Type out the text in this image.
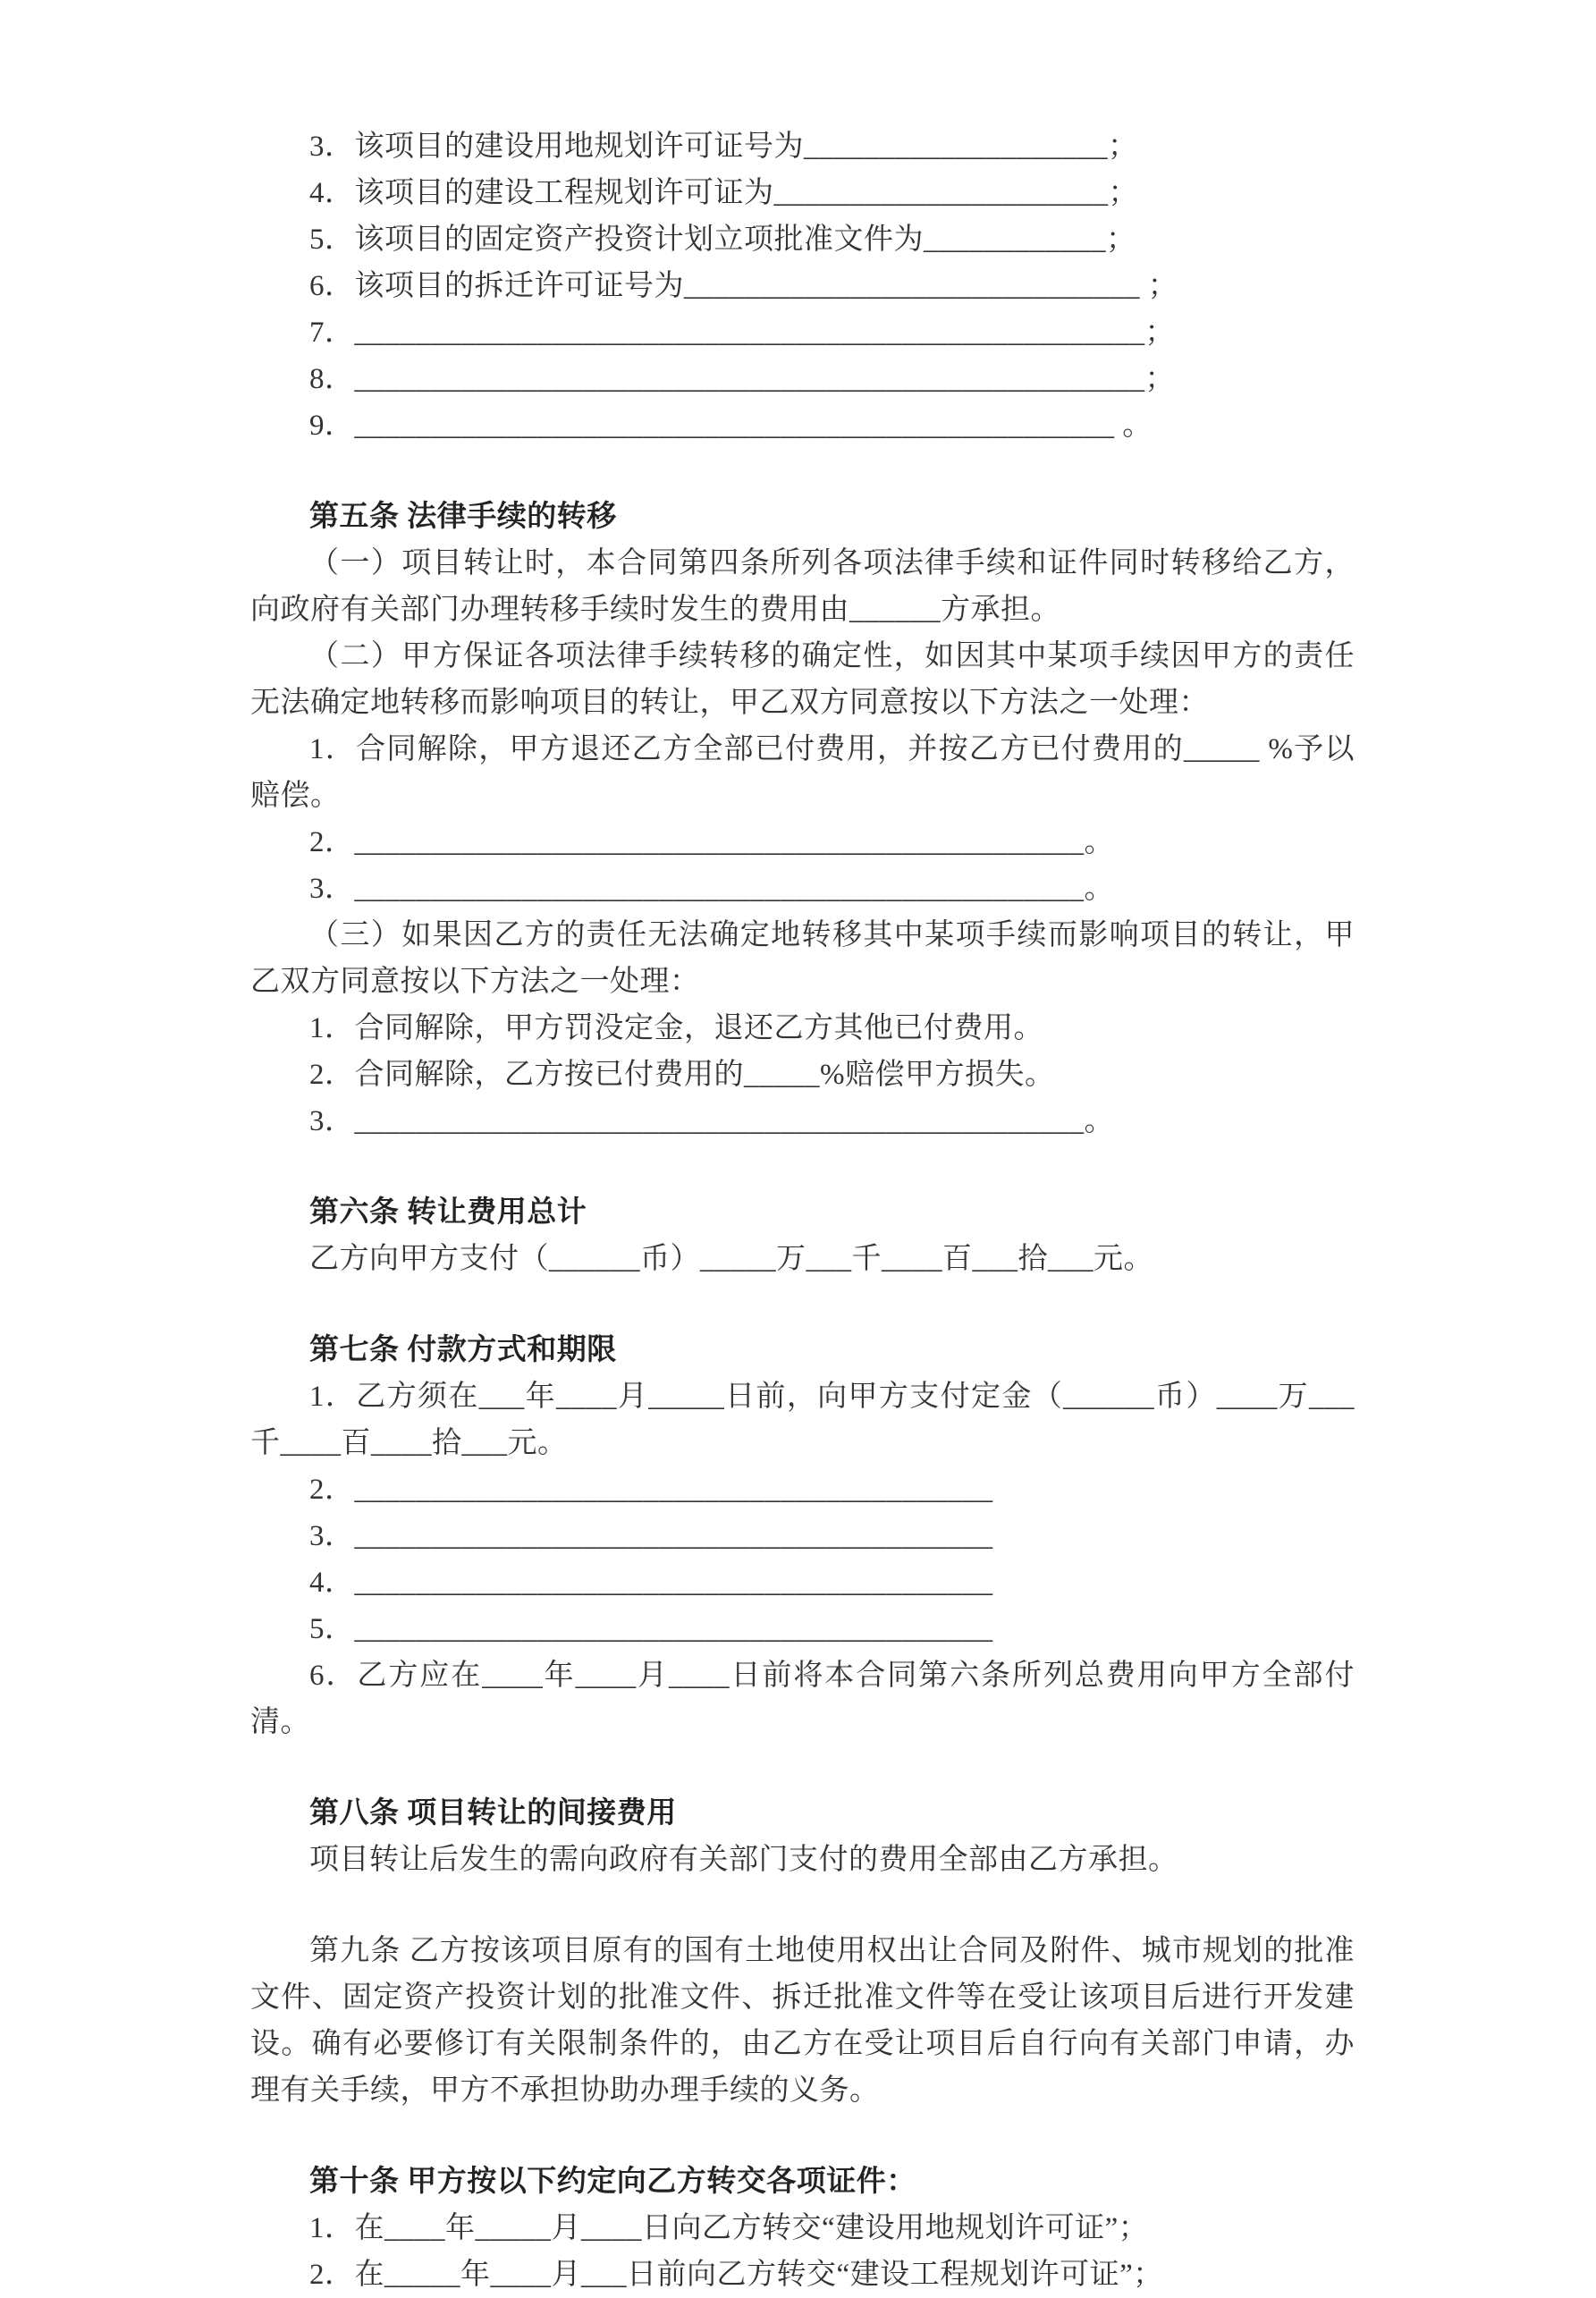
3．该项目的建设用地规划许可证号为____________________；

4．该项目的建设工程规划许可证为______________________；

5．该项目的固定资产投资计划立项批准文件为____________；

6．该项目的拆迁许可证号为______________________________ ；

7．____________________________________________________；

8．____________________________________________________；

9．__________________________________________________ 。

第五条 法律手续的转移

（一）项目转让时，本合同第四条所列各项法律手续和证件同时转移给乙方，向政府有关部门办理转移手续时发生的费用由______方承担。

（二）甲方保证各项法律手续转移的确定性，如因其中某项手续因甲方的责任无法确定地转移而影响项目的转让，甲乙双方同意按以下方法之一处理：

1．合同解除，甲方退还乙方全部已付费用，并按乙方已付费用的_____ %予以赔偿。

2．________________________________________________。

3．________________________________________________。

（三）如果因乙方的责任无法确定地转移其中某项手续而影响项目的转让，甲乙双方同意按以下方法之一处理：

1．合同解除，甲方罚没定金，退还乙方其他已付费用。

2．合同解除，乙方按已付费用的_____%赔偿甲方损失。

3．________________________________________________。

第六条 转让费用总计

乙方向甲方支付（______币）_____万___千____百___拾___元。

第七条 付款方式和期限

1．乙方须在___年____月_____日前，向甲方支付定金（______币）____万___千____百____拾___元。

2．__________________________________________

3．__________________________________________

4．__________________________________________

5．__________________________________________

6．乙方应在____年____月____日前将本合同第六条所列总费用向甲方全部付清。

第八条 项目转让的间接费用

项目转让后发生的需向政府有关部门支付的费用全部由乙方承担。

第九条 乙方按该项目原有的国有土地使用权出让合同及附件、城市规划的批准文件、固定资产投资计划的批准文件、拆迁批准文件等在受让该项目后进行开发建设。确有必要修订有关限制条件的，由乙方在受让项目后自行向有关部门申请，办理有关手续，甲方不承担协助办理手续的义务。

第十条 甲方按以下约定向乙方转交各项证件：

1．在____年_____月____日向乙方转交“建设用地规划许可证”；

2．在_____年____月___日前向乙方转交“建设工程规划许可证”；
